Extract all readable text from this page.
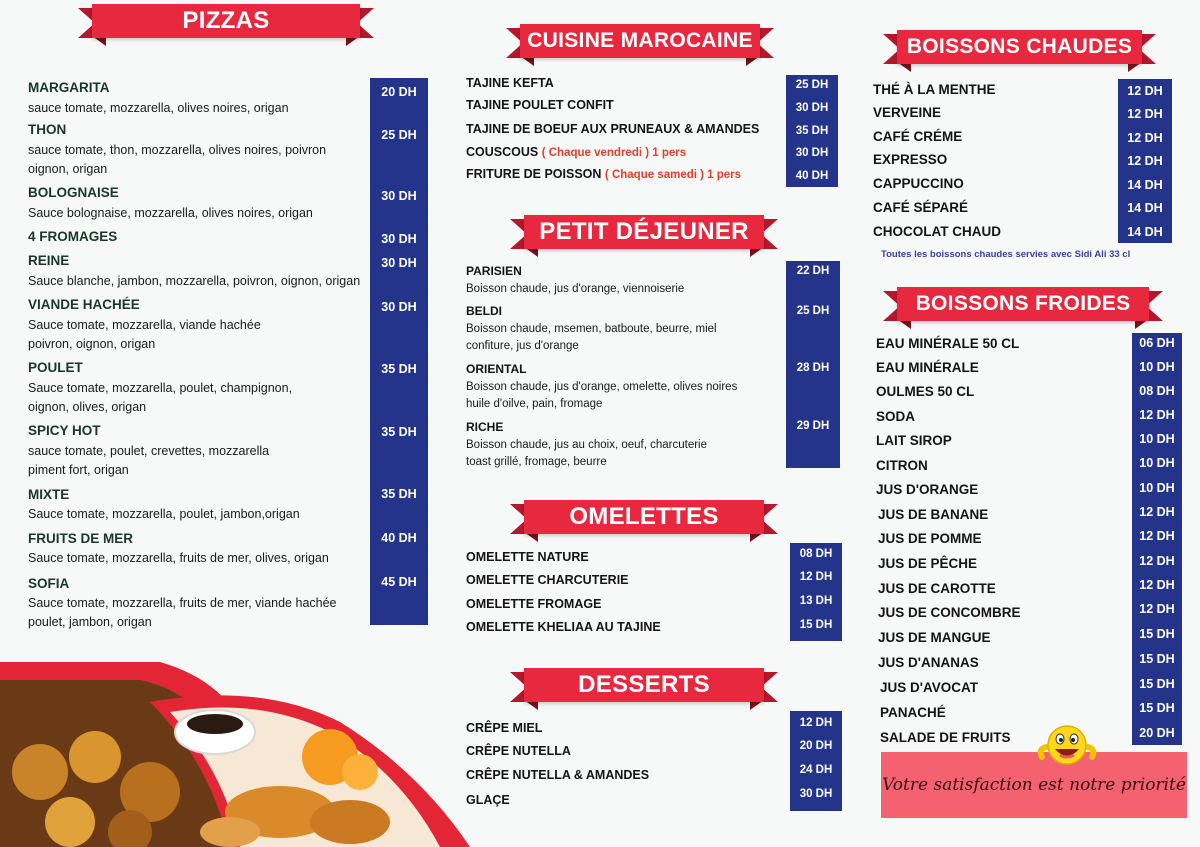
PIZZAS
CUISINE MAROCAINE
PETIT DÉJEUNER
OMELETTES
DESSERTS
BOISSONS CHAUDES
BOISSONS FROIDES
20 DH
25 DH
30 DH
30 DH
30 DH
30 DH
35 DH
35 DH
35 DH
40 DH
45 DH
MARGARITA
sauce tomate, mozzarella, olives noires, origan
THON
sauce tomate, thon, mozzarella, olives noires, poivron
oignon, origan
BOLOGNAISE
Sauce bolognaise, mozzarella, olives noires, origan
4 FROMAGES
REINE
Sauce blanche, jambon, mozzarella, poivron, oignon, origan
VIANDE HACHÉE
Sauce tomate, mozzarella, viande hachée
poivron, oignon, origan
POULET
Sauce tomate, mozzarella, poulet, champignon,
oignon, olives, origan
SPICY HOT
sauce tomate, poulet, crevettes, mozzarella
piment fort, origan
MIXTE
Sauce tomate, mozzarella, poulet, jambon,origan
FRUITS DE MER
Sauce tomate, mozzarella, fruits de mer, olives, origan
SOFIA
Sauce tomate, mozzarella, fruits de mer, viande hachée
poulet, jambon, origan
25 DH
30 DH
35 DH
30 DH
40 DH
TAJINE KEFTA
TAJINE POULET CONFIT
TAJINE DE BOEUF AUX PRUNEAUX & AMANDES
COUSCOUS ( Chaque vendredi ) 1 pers
FRITURE DE POISSON ( Chaque samedi ) 1 pers
22 DH
25 DH
28 DH
29 DH
PARISIEN
Boisson chaude, jus d'orange, viennoiserie
BELDI
Boisson chaude, msemen, batboute, beurre, miel
confiture, jus d'orange
ORIENTAL
Boisson chaude, jus d'orange, omelette, olives noires
huile d'oilve, pain, fromage
RICHE
Boisson chaude, jus au choix, oeuf, charcuterie
toast grillé, fromage, beurre
08 DH
12 DH
13 DH
15 DH
OMELETTE NATURE
OMELETTE CHARCUTERIE
OMELETTE FROMAGE
OMELETTE KHELIAA AU TAJINE
12 DH
20 DH
24 DH
30 DH
CRÊPE MIEL
CRÊPE NUTELLA
CRÊPE NUTELLA & AMANDES
GLAÇE
12 DH
12 DH
12 DH
12 DH
14 DH
14 DH
14 DH
THÉ À LA MENTHE
VERVEINE
CAFÉ CRÉME
EXPRESSO
CAPPUCCINO
CAFÉ SÉPARÉ
CHOCOLAT CHAUD
Toutes les boissons chaudes servies avec Sidi Ali 33 cl
06 DH
10 DH
08 DH
12 DH
10 DH
10 DH
10 DH
12 DH
12 DH
12 DH
12 DH
12 DH
15 DH
15 DH
15 DH
15 DH
20 DH
EAU MINÉRALE 50 CL
EAU MINÉRALE
OULMES 50 CL
SODA
LAIT SIROP
CITRON
JUS D'ORANGE
JUS DE BANANE
JUS DE POMME
JUS DE PÊCHE
JUS DE CAROTTE
JUS DE CONCOMBRE
JUS DE MANGUE
JUS D'ANANAS
JUS D'AVOCAT
PANACHÉ
SALADE DE FRUITS
Votre satisfaction est notre priorité
